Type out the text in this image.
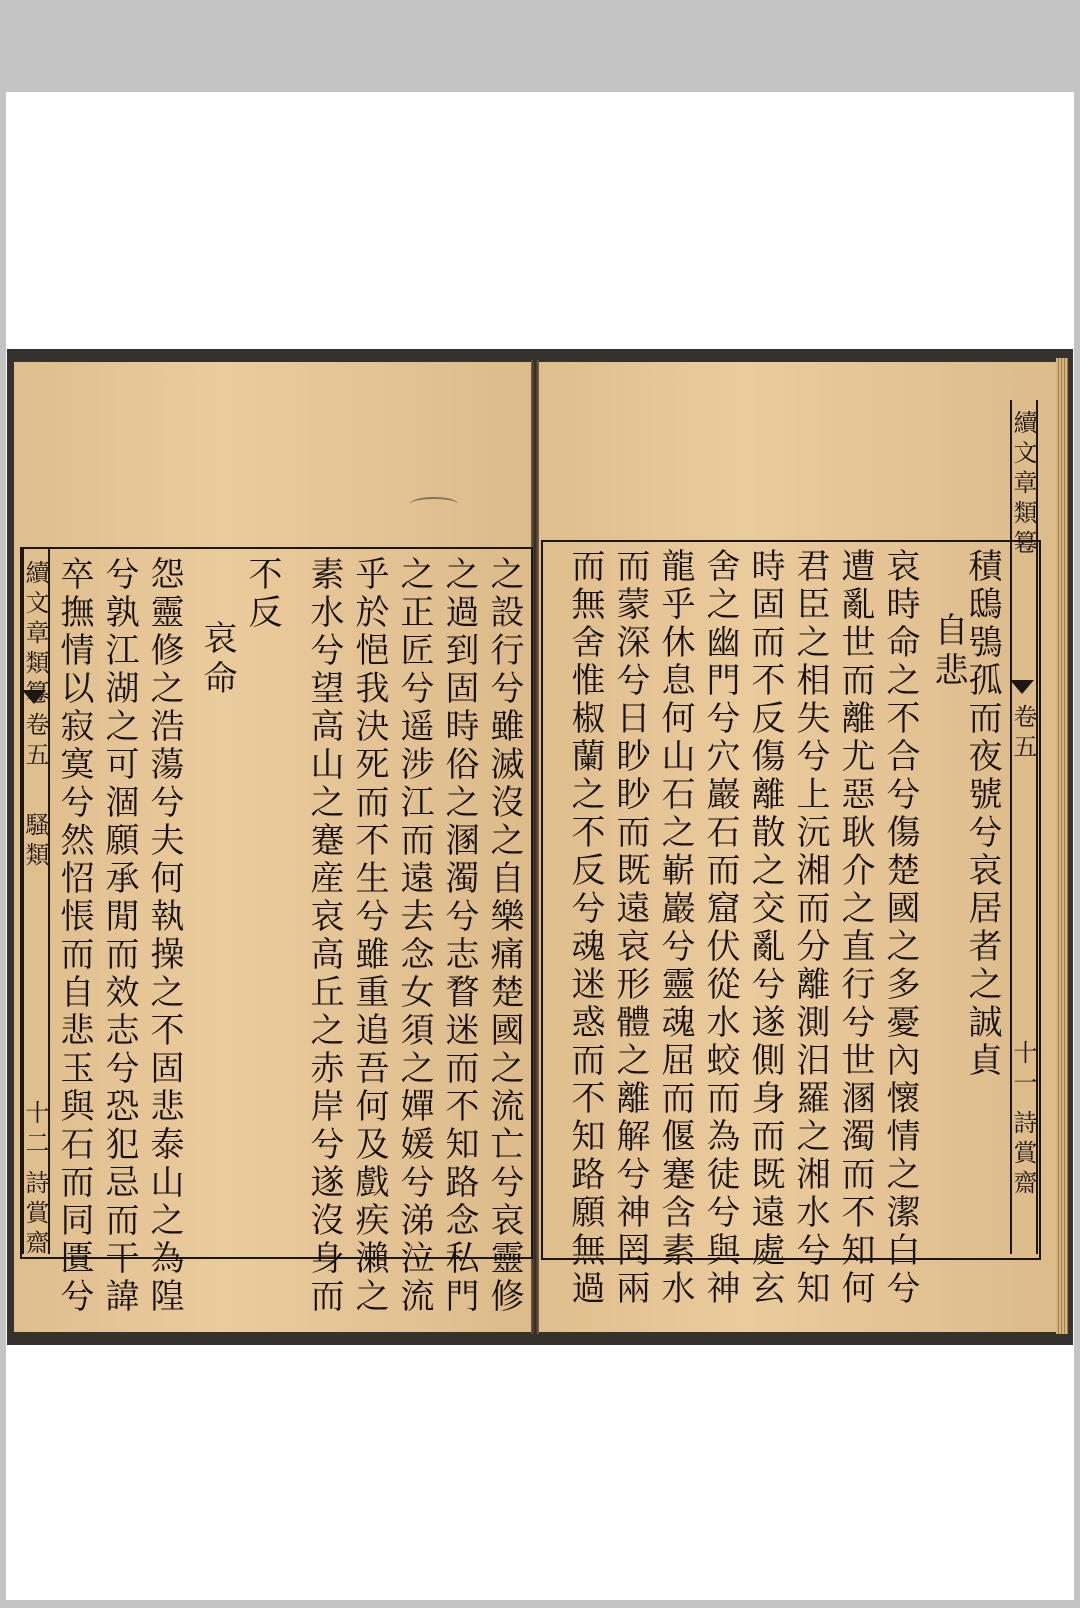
之設行兮雖滅沒之自樂痛楚國之流亡兮哀靈修
之過到固時俗之溷濁兮志瞀迷而不知路念私門
之正匠兮遥涉江而遠去念女須之嬋媛兮涕泣流
乎於悒我決死而不生兮雖重追吾何及戲疾瀨之
素水兮望高山之蹇産哀高丘之赤岸兮遂沒身而
不反
哀命
怨靈修之浩蕩兮夫何執操之不固悲泰山之為隍
兮孰江湖之可涸願承閒而效志兮恐犯忌而干諱
卒撫情以寂寞兮然怊悵而自悲玉與石而同匱兮
續文章類篹
卷五
騷類
十二
詩賞齋
積鴟鴞孤而夜號兮哀居者之誠貞
自悲
哀時命之不合兮傷楚國之多憂內懷情之潔白兮
遭亂世而離尤惡耿介之直行兮世溷濁而不知何
君臣之相失兮上沅湘而分離測汨羅之湘水兮知
時固而不反傷離散之交亂兮遂側身而既遠處玄
舍之幽門兮穴巖石而窟伏從水蛟而為徒兮與神
龍乎休息何山石之嶄巖兮靈魂屈而偃蹇含素水
而蒙深兮日眇眇而既遠哀形體之離解兮神罔兩
而無舍惟椒蘭之不反兮魂迷惑而不知路願無過
續文章類篹
卷五
十一
詩賞齋
